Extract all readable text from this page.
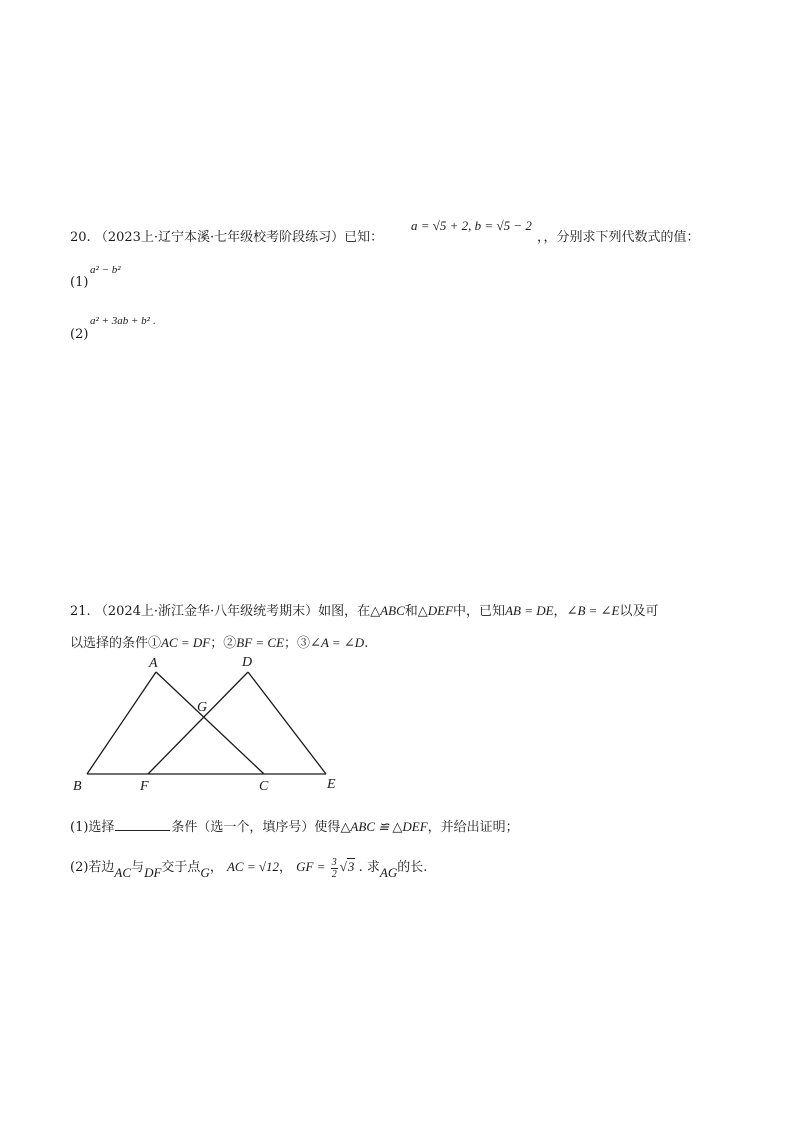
20. （2023上·辽宁本溪·七年级校考阶段练习）已知：
a = √5 + 2, b = √5 − 2
，，分别求下列代数式的值：
(1)
a² − b²
(2)
a² + 3ab + b² .
21. （2024上·浙江金华·八年级统考期末）如图，在△ABC和△DEF中，已知AB = DE，∠B = ∠E以及可
以选择的条件①AC = DF；②BF = CE；③∠A = ∠D.
A	D
G
B	F	C	E
(1)选择	条件（选一个，填序号）使得△ABC ≌ △DEF，并给出证明；
(2)若边AC与DF交于点G， AC = √12， GF = $\frac{3}{2} √3$ . 求AG的长.
